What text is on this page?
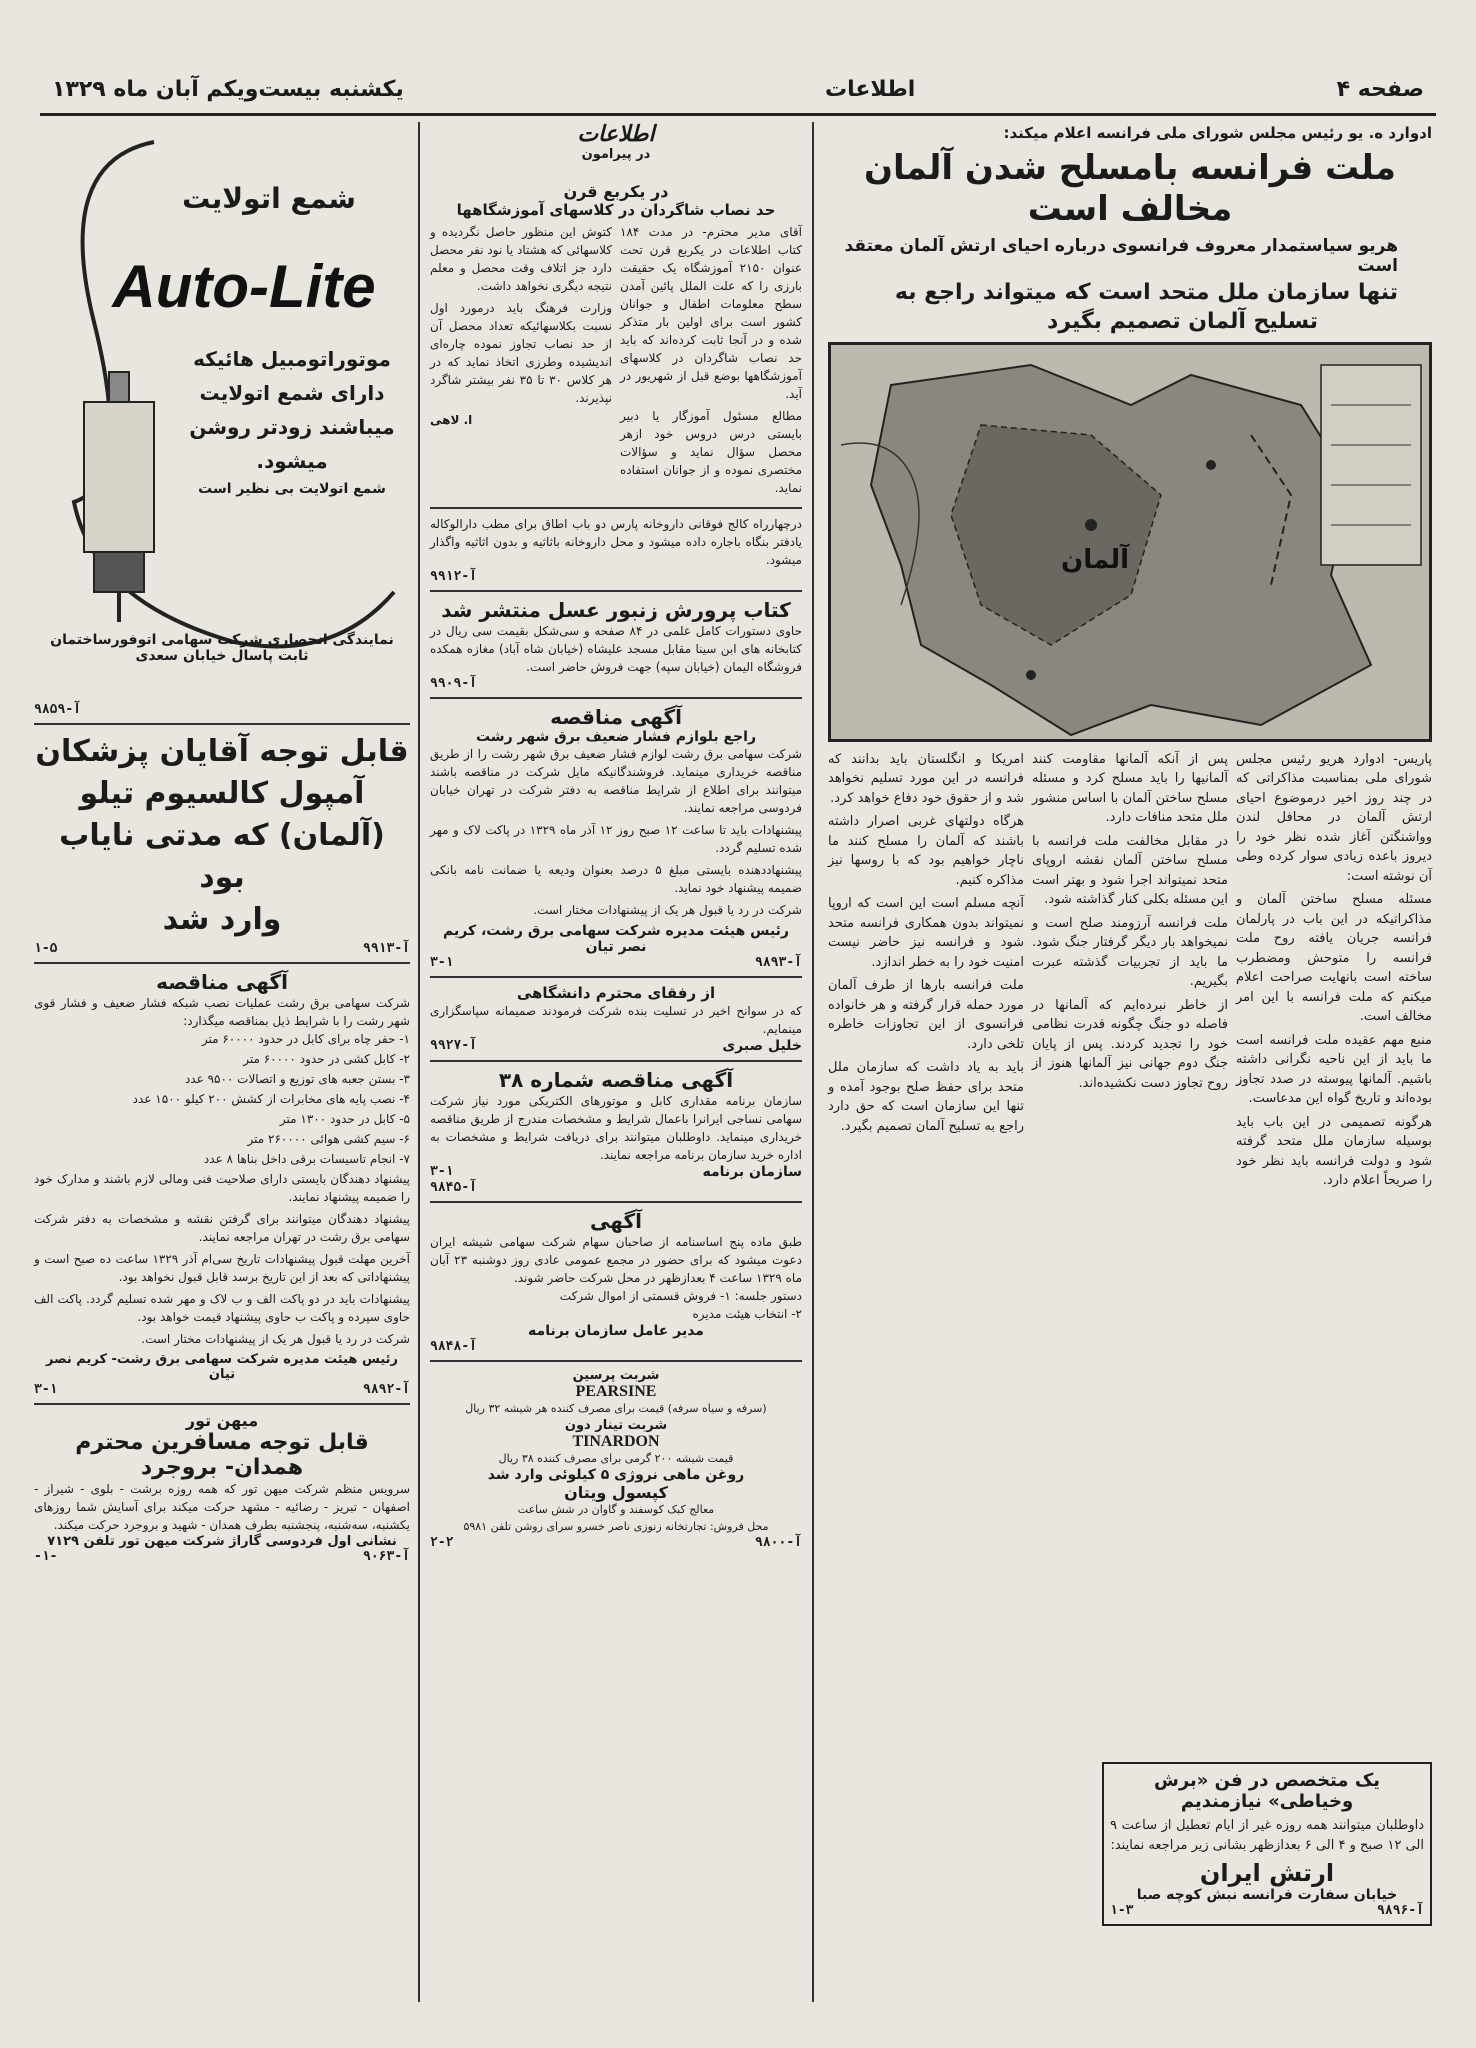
صفحه ۴
اطلاعات
یکشنبه بیست‌و‌یکم آبان ماه ۱۳۲۹
ادوارد ه. یو رئیس مجلس شورای ملی فرانسه اعلام میکند:
ملت فرانسه بامسلح شدن آلمان مخالف است
هریو سیاستمدار معروف فرانسوی درباره احیای ارتش آلمان معتقد است
تنها سازمان ملل متحد است که میتواند راجع به
تسلیح آلمان تصمیم بگیرد
آلمان

پاریس- ادوارد هریو رئیس مجلس شورای ملی بمناسبت مذاکراتی که در چند روز اخیر درموضوع احیای ارتش آلمان در محافل لندن وواشنگتن آغاز شده نظر خود را دیروز باعده زیادی سوار کرده وطی آن نوشته است:

مسئله مسلح ساختن آلمان و مذاکراتیکه در این باب در پارلمان فرانسه جریان یافته روح ملت فرانسه را متوحش ومضطرب ساخته است بانهایت صراحت اعلام میکنم که ملت فرانسه با این امر مخالف است.

منبع مهم عقیده ملت فرانسه است ما باید از این ناحیه نگرانی داشته باشیم. آلمانها پیوسته در صدد تجاوز بوده‌اند و تاریخ گواه این مدعاست.

هرگونه تصمیمی در این باب باید بوسیله سازمان ملل متحد گرفته شود و دولت فرانسه باید نظر خود را صریحاً اعلام دارد.

پس از آنکه آلمانها مقاومت کنند آلمانیها را باید مسلح کرد و مسئله مسلح ساختن آلمان با اساس منشور ملل متحد منافات دارد.

در مقابل مخالفت ملت فرانسه با مسلح ساختن آلمان نقشه اروپای متحد نمیتواند اجرا شود و بهتر است این مسئله بکلی کنار گذاشته شود.

ملت فرانسه آرزومند صلح است و نمیخواهد بار دیگر گرفتار جنگ شود. ما باید از تجربیات گذشته عبرت بگیریم.

از خاطر نبرده‌ایم که آلمانها در فاصله دو جنگ چگونه قدرت نظامی خود را تجدید کردند. پس از پایان جنگ دوم جهانی نیز آلمانها هنوز از روح تجاوز دست نکشیده‌اند.

امریکا و انگلستان باید بدانند که فرانسه در این مورد تسلیم نخواهد شد و از حقوق خود دفاع خواهد کرد.

هرگاه دولتهای غربی اصرار داشته باشند که آلمان را مسلح کنند ما ناچار خواهیم بود که با روسها نیز مذاکره کنیم.

آنچه مسلم است این است که اروپا نمیتواند بدون همکاری فرانسه متحد شود و فرانسه نیز حاضر نیست امنیت خود را به خطر اندازد.

ملت فرانسه بارها از طرف آلمان مورد حمله قرار گرفته و هر خانواده فرانسوی از این تجاوزات خاطره تلخی دارد.

باید به یاد داشت که سازمان ملل متحد برای حفظ صلح بوجود آمده و تنها این سازمان است که حق دارد راجع به تسلیح آلمان تصمیم بگیرد.

یک متخصص در فن «برش وخیاطی» نیازمندیم
داوطلبان میتوانند همه روزه غیر از ایام تعطیل از ساعت ۹ الی ۱۲ صبح و ۴ الی ۶ بعدازظهر بشانی زیر مراجعه نمایند:
ارتش ایران
خیابان سفارت فرانسه نبش کوچه صبا
آ-۹۸۹۶
۱-۳
اطلاعات
در پیرامون
در یکربع قرن
حد نصاب شاگردان در کلاسهای آموزشگاهها

آقای مدیر محترم- در مدت ۱۸۴ کتاب اطلاعات در یکربع قرن تحت عنوان ۲۱۵۰ آموزشگاه یک حقیقت بارزی را که علت الملل پائین آمدن سطح معلومات اطفال و جوانان کشور است برای اولین بار متذکر شده و در آنجا ثابت کرده‌اند که باید حد نصاب شاگردان در کلاسهای آموزشگاهها بوضع قبل از شهریور در آید.

مطالع مسئول آموزگار یا دبیر بایستی درس دروس خود ازهر محصل سؤال نماید و سؤالات مختصری نموده و از جوانان استفاده نماید.

کتوش این منظور حاصل نگردیده و کلاسهائی که هشتاد یا نود نفر محصل دارد جز اتلاف وقت محصل و معلم نتیجه دیگری نخواهد داشت.

وزارت فرهنگ باید درمورد اول نسبت بکلاسهائیکه تعداد محصل آن از حد نصاب تجاوز نموده چاره‌ای اندیشیده وطرزی اتخاذ نماید که در هر کلاس ۳۰ تا ۳۵ نفر بیشتر شاگرد نپذیرند.

ا. لاهی

درچهارراه کالج فوقانی داروخانه پارس دو باب اطاق برای مطب دارالوکاله یادفتر بنگاه باجاره داده میشود و محل داروخانه باثاثیه و بدون اثاثیه واگذار میشود.
آ-۹۹۱۲
کتاب پرورش زنبور عسل منتشر شد
حاوی دستورات کامل علمی در ۸۴ صفحه و سی‌شکل بقیمت سی ریال در کتابخانه های ابن سینا مقابل مسجد علیشاه (خیابان شاه آباد) مغازه همکده فروشگاه الیمان (خیابان سپه) جهت فروش حاضر است.
آ-۹۹۰۹
آگهی مناقصه
راجع بلوازم فشار ضعیف برق شهر رشت

شرکت سهامی برق رشت لوازم فشار ضعیف برق شهر رشت را از طریق مناقصه خریداری مینماید. فروشندگانیکه مایل شرکت در مناقصه باشند میتوانند برای اطلاع از شرایط مناقصه به دفتر شرکت در تهران خیابان فردوسی مراجعه نمایند.

پیشنهادات باید تا ساعت ۱۲ صبح روز ۱۲ آذر ماه ۱۳۲۹ در پاکت لاک و مهر شده تسلیم گردد.

پیشنهاددهنده بایستی مبلغ ۵ درصد بعنوان ودیعه یا ضمانت نامه بانکی ضمیمه پیشنهاد خود نماید.

شرکت در رد یا قبول هر یک از پیشنهادات مختار است.

رئیس هیئت مدیره شرکت سهامی برق رشت، کریم نصر تیان
آ-۹۸۹۳
۳-۱
از رفقای محترم دانشگاهی
که در سوانح اخیر در تسلیت بنده شرکت فرمودند صمیمانه سپاسگزاری مینمایم.
خلیل صبری
آ-۹۹۲۷
آگهی مناقصه شماره ۳۸
سازمان برنامه مقداری کابل و موتورهای الکتریکی مورد نیاز شرکت سهامی نساجی ایرانرا باعمال شرایط و مشخصات مندرج از طریق مناقصه خریداری مینماید. داوطلبان میتوانند برای دریافت شرایط و مشخصات به اداره خرید سازمان برنامه مراجعه نمایند.
سازمان برنامه
۳-۱
آ-۹۸۴۵
آگهی
طبق ماده پنج اساسنامه از صاحبان سهام شرکت سهامی شیشه ایران دعوت میشود که برای حضور در مجمع عمومی عادی روز دوشنبه ۲۳ آبان ماه ۱۳۲۹ ساعت ۴ بعدازظهر در محل شرکت حاضر شوند.
دستور جلسه: ۱- فروش قسمتی از اموال شرکت
۲- انتخاب هیئت مدیره
مدیر عامل سازمان برنامه
آ-۹۸۴۸
شربت پرسین
PEARSINE
(سرفه و سیاه سرفه) قیمت برای مصرف کننده هر شیشه ۳۲ ریال
شربت تینار دون
TINARDON
قیمت شیشه ۲۰۰ گرمی برای مصرف کننده ۳۸ ریال
روغن ماهی نروژی ۵ کیلوئی وارد شد
کپسول ویتان
معالج کبک کوسفند و گاوان در شش ساعت
محل فروش: تجارتخانه زنوزی ناصر خسرو سرای روشن تلفن ۵۹۸۱
آ-۹۸۰۰
۲-۲
شمع اتولایت
Auto-Lite
موتوراتومبیل هائیکه
دارای شمع اتولایت
میباشند زودتر روشن
میشود.
شمع اتولایت بی نظیر است
نمایندگی انحصاری شرکت سهامی اتوفورساختمان
ثابت پاسال خیابان سعدی
آ-۹۸۵۹
قابل توجه آقایان پزشکان
آمپول کالسیوم تیلو
(آلمان) که مدتی نایاب بود
وارد شد
آ-۹۹۱۳
۱-۵
آگهی مناقصه
شرکت سهامی برق رشت عملیات نصب شبکه فشار ضعیف و فشار قوی شهر رشت را با شرایط ذیل بمناقصه میگذارد:
۱- حفر چاه برای کابل در حدود ۶۰۰۰۰ متر
۲- کابل کشی در حدود ۶۰۰۰۰ متر
۳- بستن جعبه های توزیع و اتصالات ۹۵۰۰ عدد
۴- نصب پایه های مخابرات از کشش ۲۰۰ کیلو ۱۵۰۰ عدد
۵- کابل در حدود ۱۳۰۰ متر
۶- سیم کشی هوائی ۲۶۰۰۰۰ متر
۷- انجام تاسیسات برقی داخل بناها ۸ عدد

پیشنهاد دهندگان بایستی دارای صلاحیت فنی ومالی لازم باشند و مدارک خود را ضمیمه پیشنهاد نمایند.

پیشنهاد دهندگان میتوانند برای گرفتن نقشه و مشخصات به دفتر شرکت سهامی برق رشت در تهران مراجعه نمایند.

آخرین مهلت قبول پیشنهادات تاریخ سی‌ام آذر ۱۳۲۹ ساعت ده صبح است و پیشنهاداتی که بعد از این تاریخ برسد قابل قبول نخواهد بود.

پیشنهادات باید در دو پاکت الف و ب لاک و مهر شده تسلیم گردد. پاکت الف حاوی سپرده و پاکت ب حاوی پیشنهاد قیمت خواهد بود.

شرکت در رد یا قبول هر یک از پیشنهادات مختار است.

رئیس هیئت مدیره شرکت سهامی برق رشت- کریم نصر تیان
آ-۹۸۹۲
۳-۱
میهن تور
قابل توجه مسافرین محترم همدان- بروجرد
سرویس منظم شرکت میهن تور که همه روزه برشت - بلوی - شیراز - اصفهان - تبریز - رضائیه - مشهد حرکت میکند برای آسایش شما روزهای یکشنبه، سه‌شنبه، پنجشنبه بطرف همدان - شهید و بروجرد حرکت میکند.
نشانی اول فردوسی گاراژ شرکت میهن تور تلفن ۷۱۲۹
آ-۹۰۶۳
-۱-
